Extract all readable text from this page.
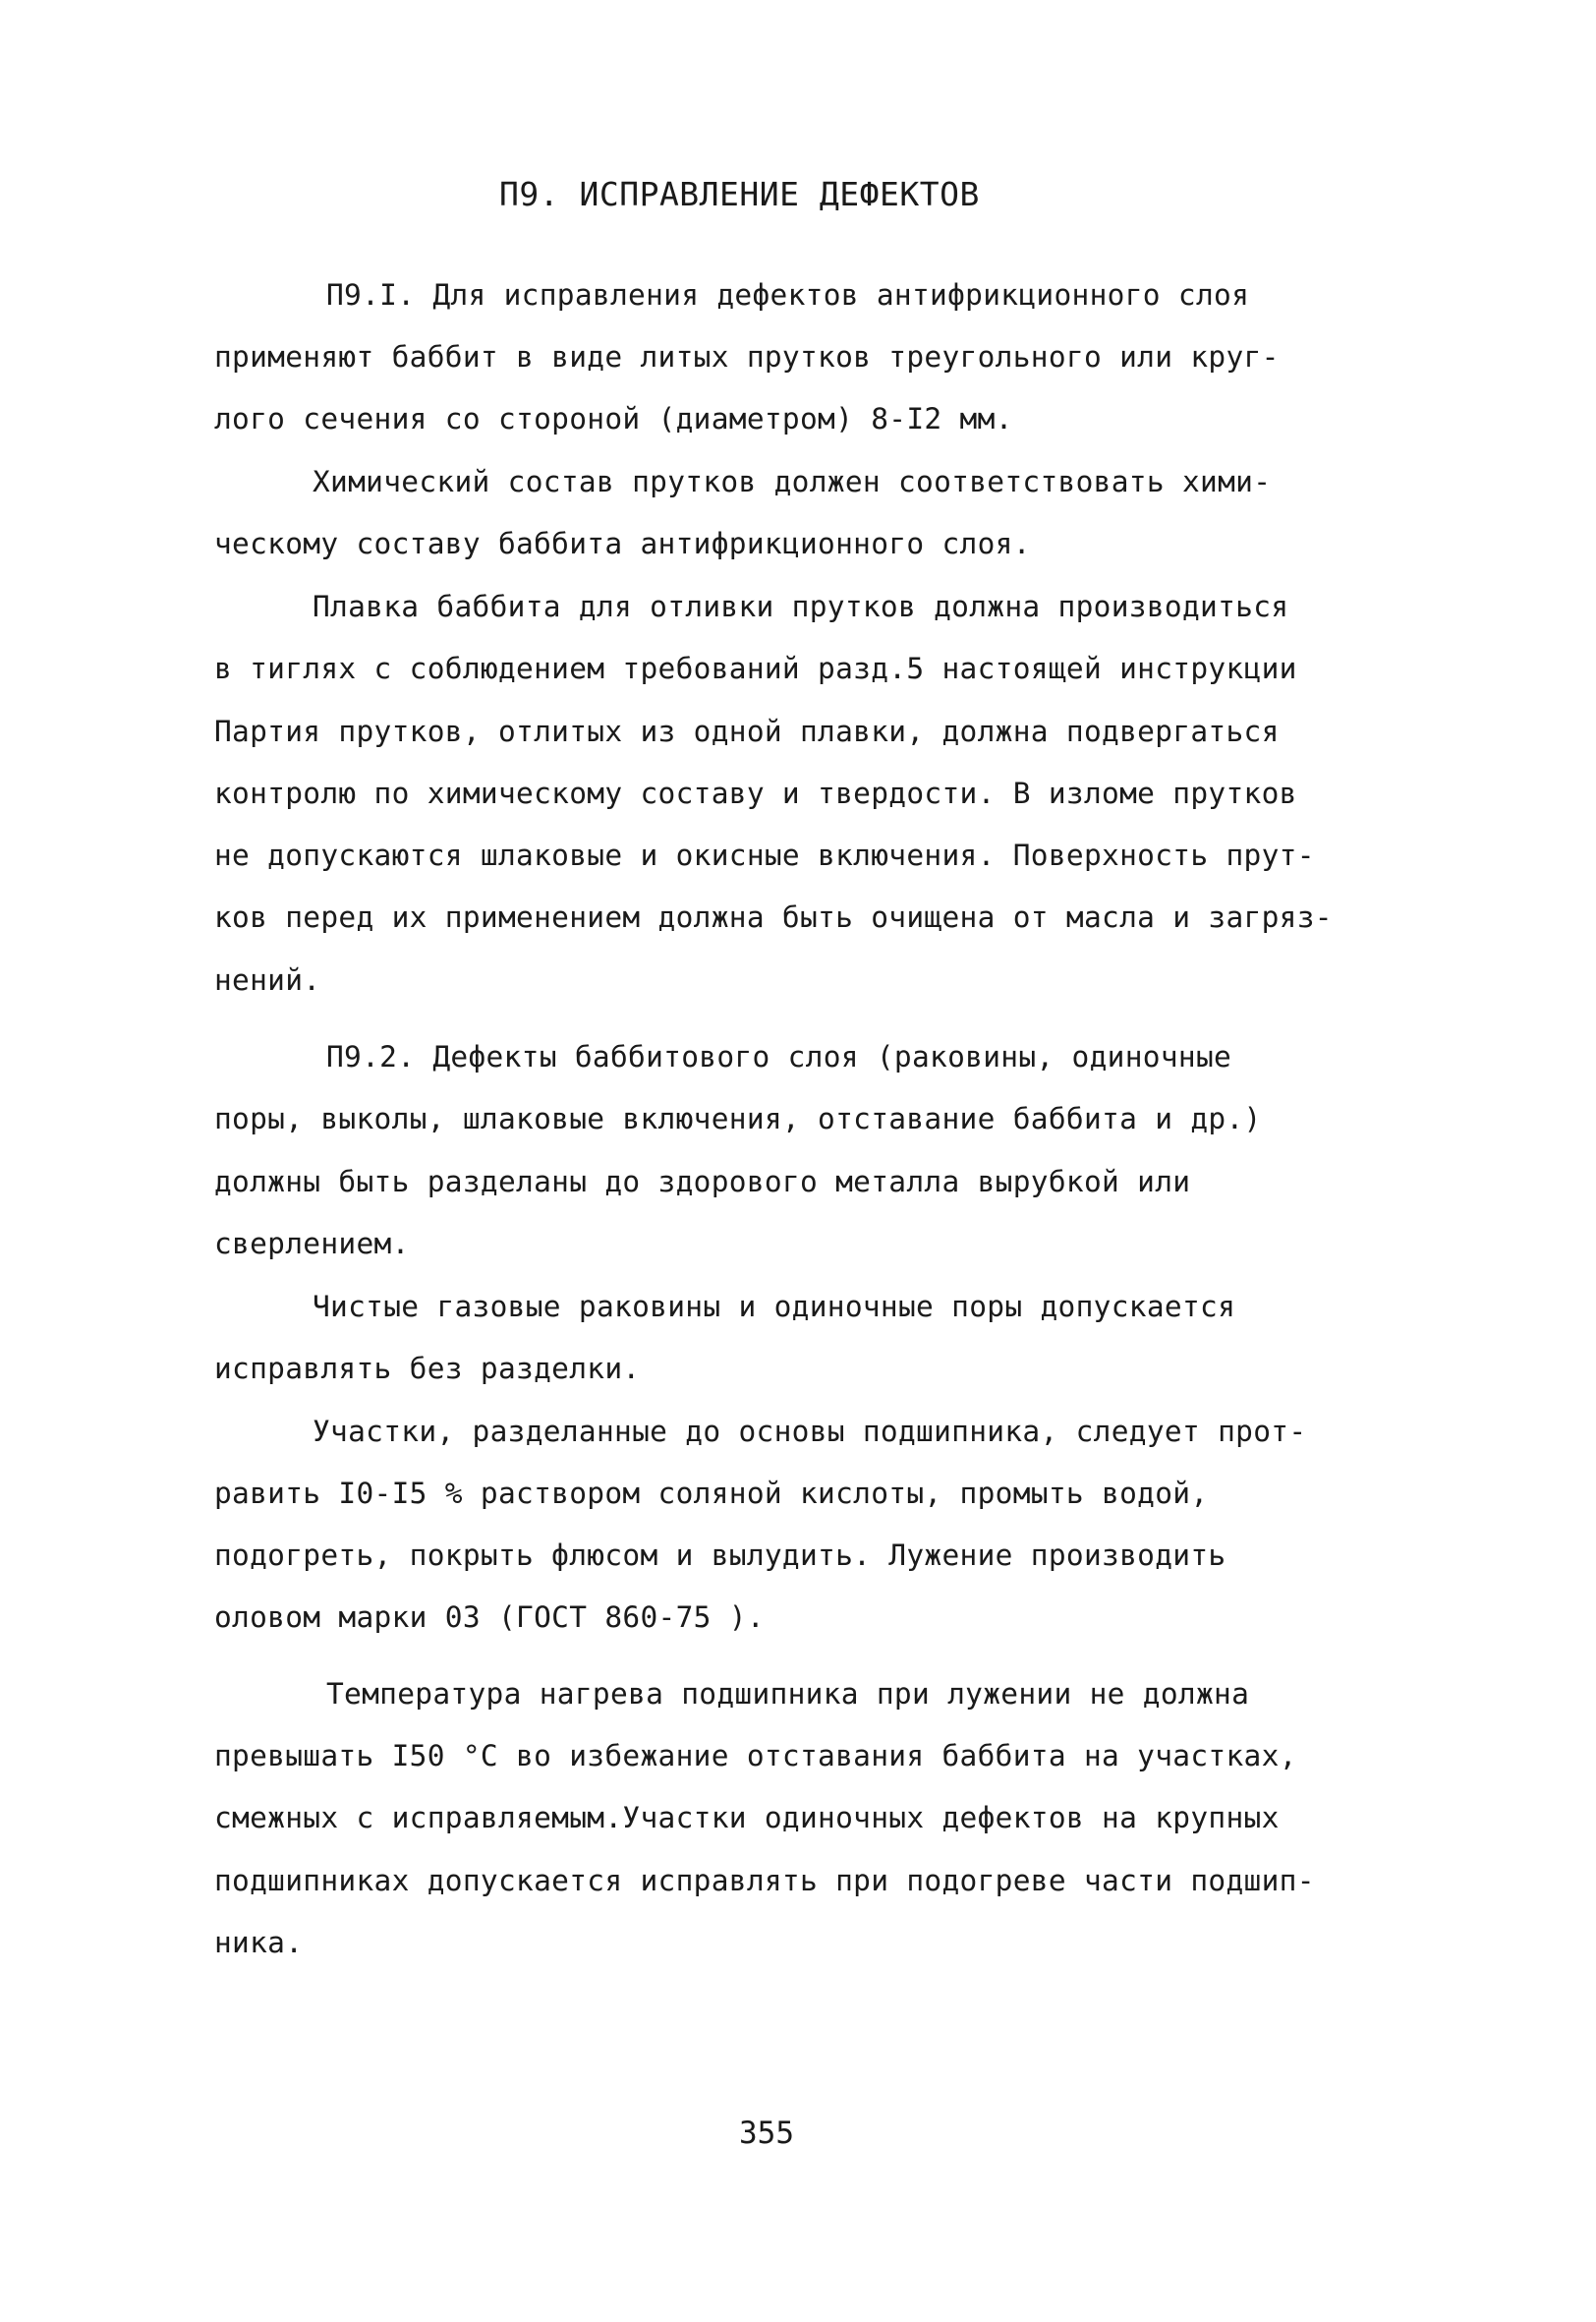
П9. ИСПРАВЛЕНИЕ ДЕФЕКТОВ
П9.I. Для исправления дефектов антифрикционного слоя
применяют баббит в виде литых прутков треугольного или круг-
лого сечения со стороной (диаметром) 8-I2 мм.
Химический состав прутков должен соответствовать хими-
ческому составу баббита антифрикционного слоя.
Плавка баббита для отливки прутков должна производиться
в тиглях с соблюдением требований разд.5 настоящей инструкции
Партия прутков, отлитых из одной плавки, должна подвергаться
контролю по химическому составу и твердости. В изломе прутков
не допускаются шлаковые и окисные включения. Поверхность прут-
ков перед их применением должна быть очищена от масла и загряз-
нений.
П9.2. Дефекты баббитового слоя (раковины, одиночные
поры, выколы, шлаковые включения, отставание баббита и др.)
должны быть разделаны до здорового металла вырубкой или
сверлением.
Чистые газовые раковины и одиночные поры допускается
исправлять без разделки.
Участки, разделанные до основы подшипника, следует прот-
равить I0-I5 % раствором соляной кислоты, промыть водой,
подогреть, покрыть флюсом и вылудить. Лужение производить
оловом марки 03 (ГОСТ 860-75 ).
Температура нагрева подшипника при лужении не должна
превышать I50 °C во избежание отставания баббита на участках,
смежных с исправляемым.Участки одиночных дефектов на крупных
подшипниках допускается исправлять при подогреве части подшип-
ника.
355
